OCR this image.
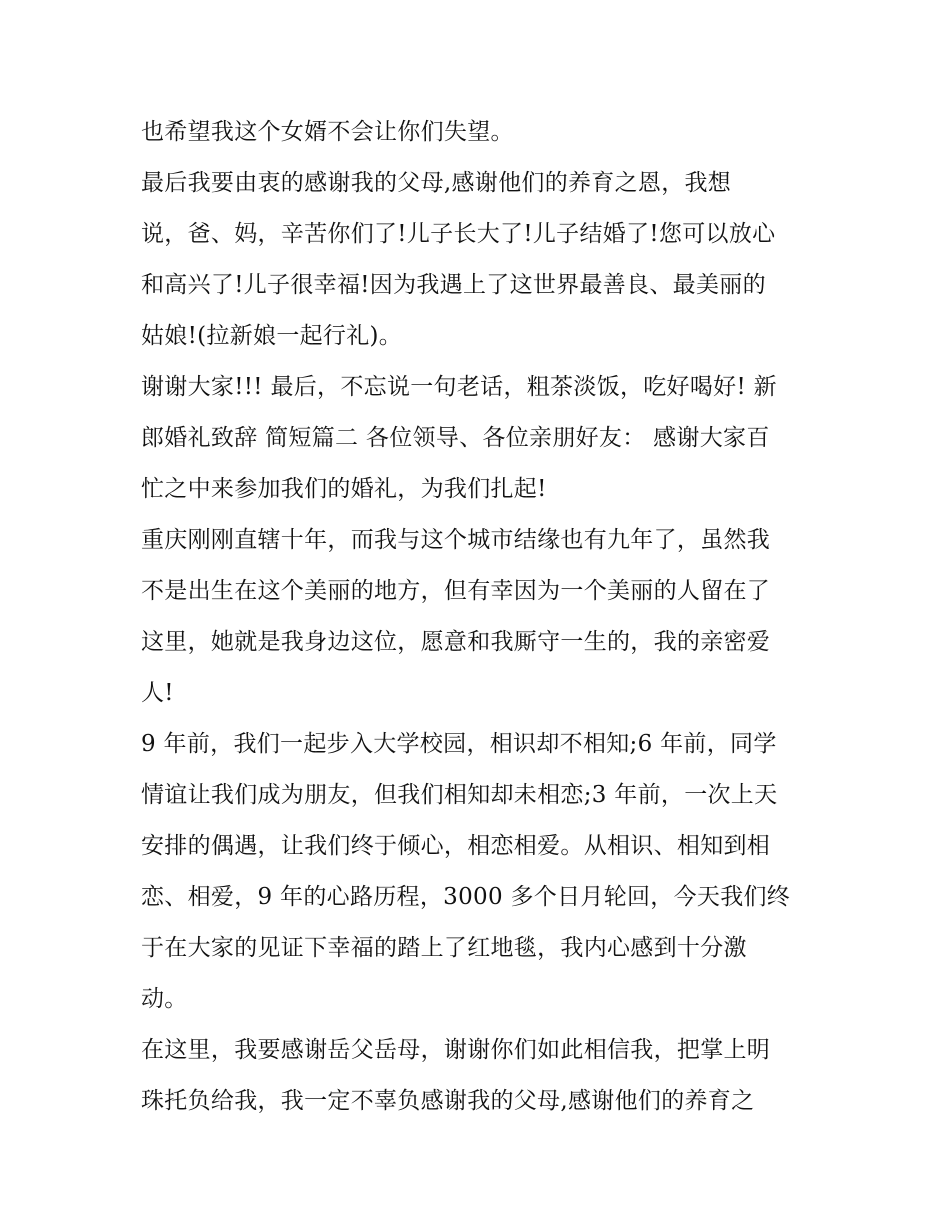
也希望我这个女婿不会让你们失望。
最后我要由衷的感谢我的父母,感谢他们的养育之恩，我想
说，爸、妈，辛苦你们了!儿子长大了!儿子结婚了!您可以放心
和高兴了!儿子很幸福!因为我遇上了这世界最善良、最美丽的
姑娘!(拉新娘一起行礼)。
谢谢大家!!! 最后，不忘说一句老话，粗茶淡饭，吃好喝好! 新
郎婚礼致辞 简短篇二 各位领导、各位亲朋好友： 感谢大家百
忙之中来参加我们的婚礼，为我们扎起!
重庆刚刚直辖十年，而我与这个城市结缘也有九年了，虽然我
不是出生在这个美丽的地方，但有幸因为一个美丽的人留在了
这里，她就是我身边这位，愿意和我厮守一生的，我的亲密爱
人!
9 年前，我们一起步入大学校园，相识却不相知;6 年前，同学
情谊让我们成为朋友，但我们相知却未相恋;3 年前，一次上天
安排的偶遇，让我们终于倾心，相恋相爱。从相识、相知到相
恋、相爱，9 年的心路历程，3000 多个日月轮回，今天我们终
于在大家的见证下幸福的踏上了红地毯，我内心感到十分激
动。
在这里，我要感谢岳父岳母，谢谢你们如此相信我，把掌上明
珠托负给我，我一定不辜负感谢我的父母,感谢他们的养育之
